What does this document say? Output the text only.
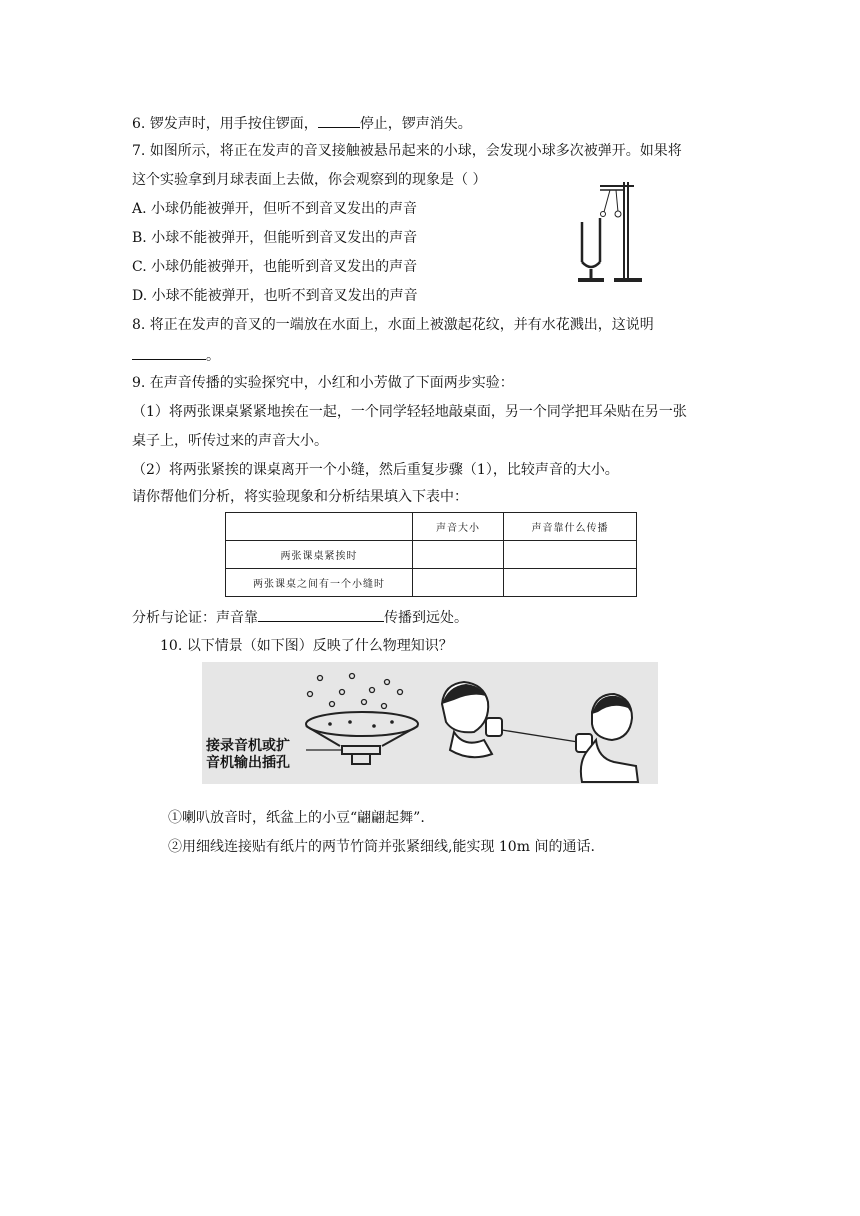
6. 锣发声时，用手按住锣面，	停止，锣声消失。
7. 如图所示，将正在发声的音叉接触被悬吊起来的小球，会发现小球多次被弹开。如果将
这个实验拿到月球表面上去做，你会观察到的现象是（ ）
A. 小球仍能被弹开，但听不到音叉发出的声音
B. 小球不能被弹开，但能听到音叉发出的声音
C. 小球仍能被弹开，也能听到音叉发出的声音
D. 小球不能被弹开，也听不到音叉发出的声音
8. 将正在发声的音叉的一端放在水面上，水面上被激起花纹，并有水花溅出，这说明
。
9. 在声音传播的实验探究中，小红和小芳做了下面两步实验：
（1）将两张课桌紧紧地挨在一起，一个同学轻轻地敲桌面，另一个同学把耳朵贴在另一张
桌子上，听传过来的声音大小。
（2）将两张紧挨的课桌离开一个小缝，然后重复步骤（1），比较声音的大小。
请你帮他们分析，将实验现象和分析结果填入下表中：
	声音大小	声音靠什么传播
两张课桌紧挨时		
两张课桌之间有一个小缝时		
分析与论证：声音靠	传播到远处。
10. 以下情景（如下图）反映了什么物理知识？
接录音机或扩
音机输出插孔
①喇叭放音时，纸盆上的小豆“翩翩起舞”.
②用细线连接贴有纸片的两节竹筒并张紧细线,能实现 10m 间的通话.
